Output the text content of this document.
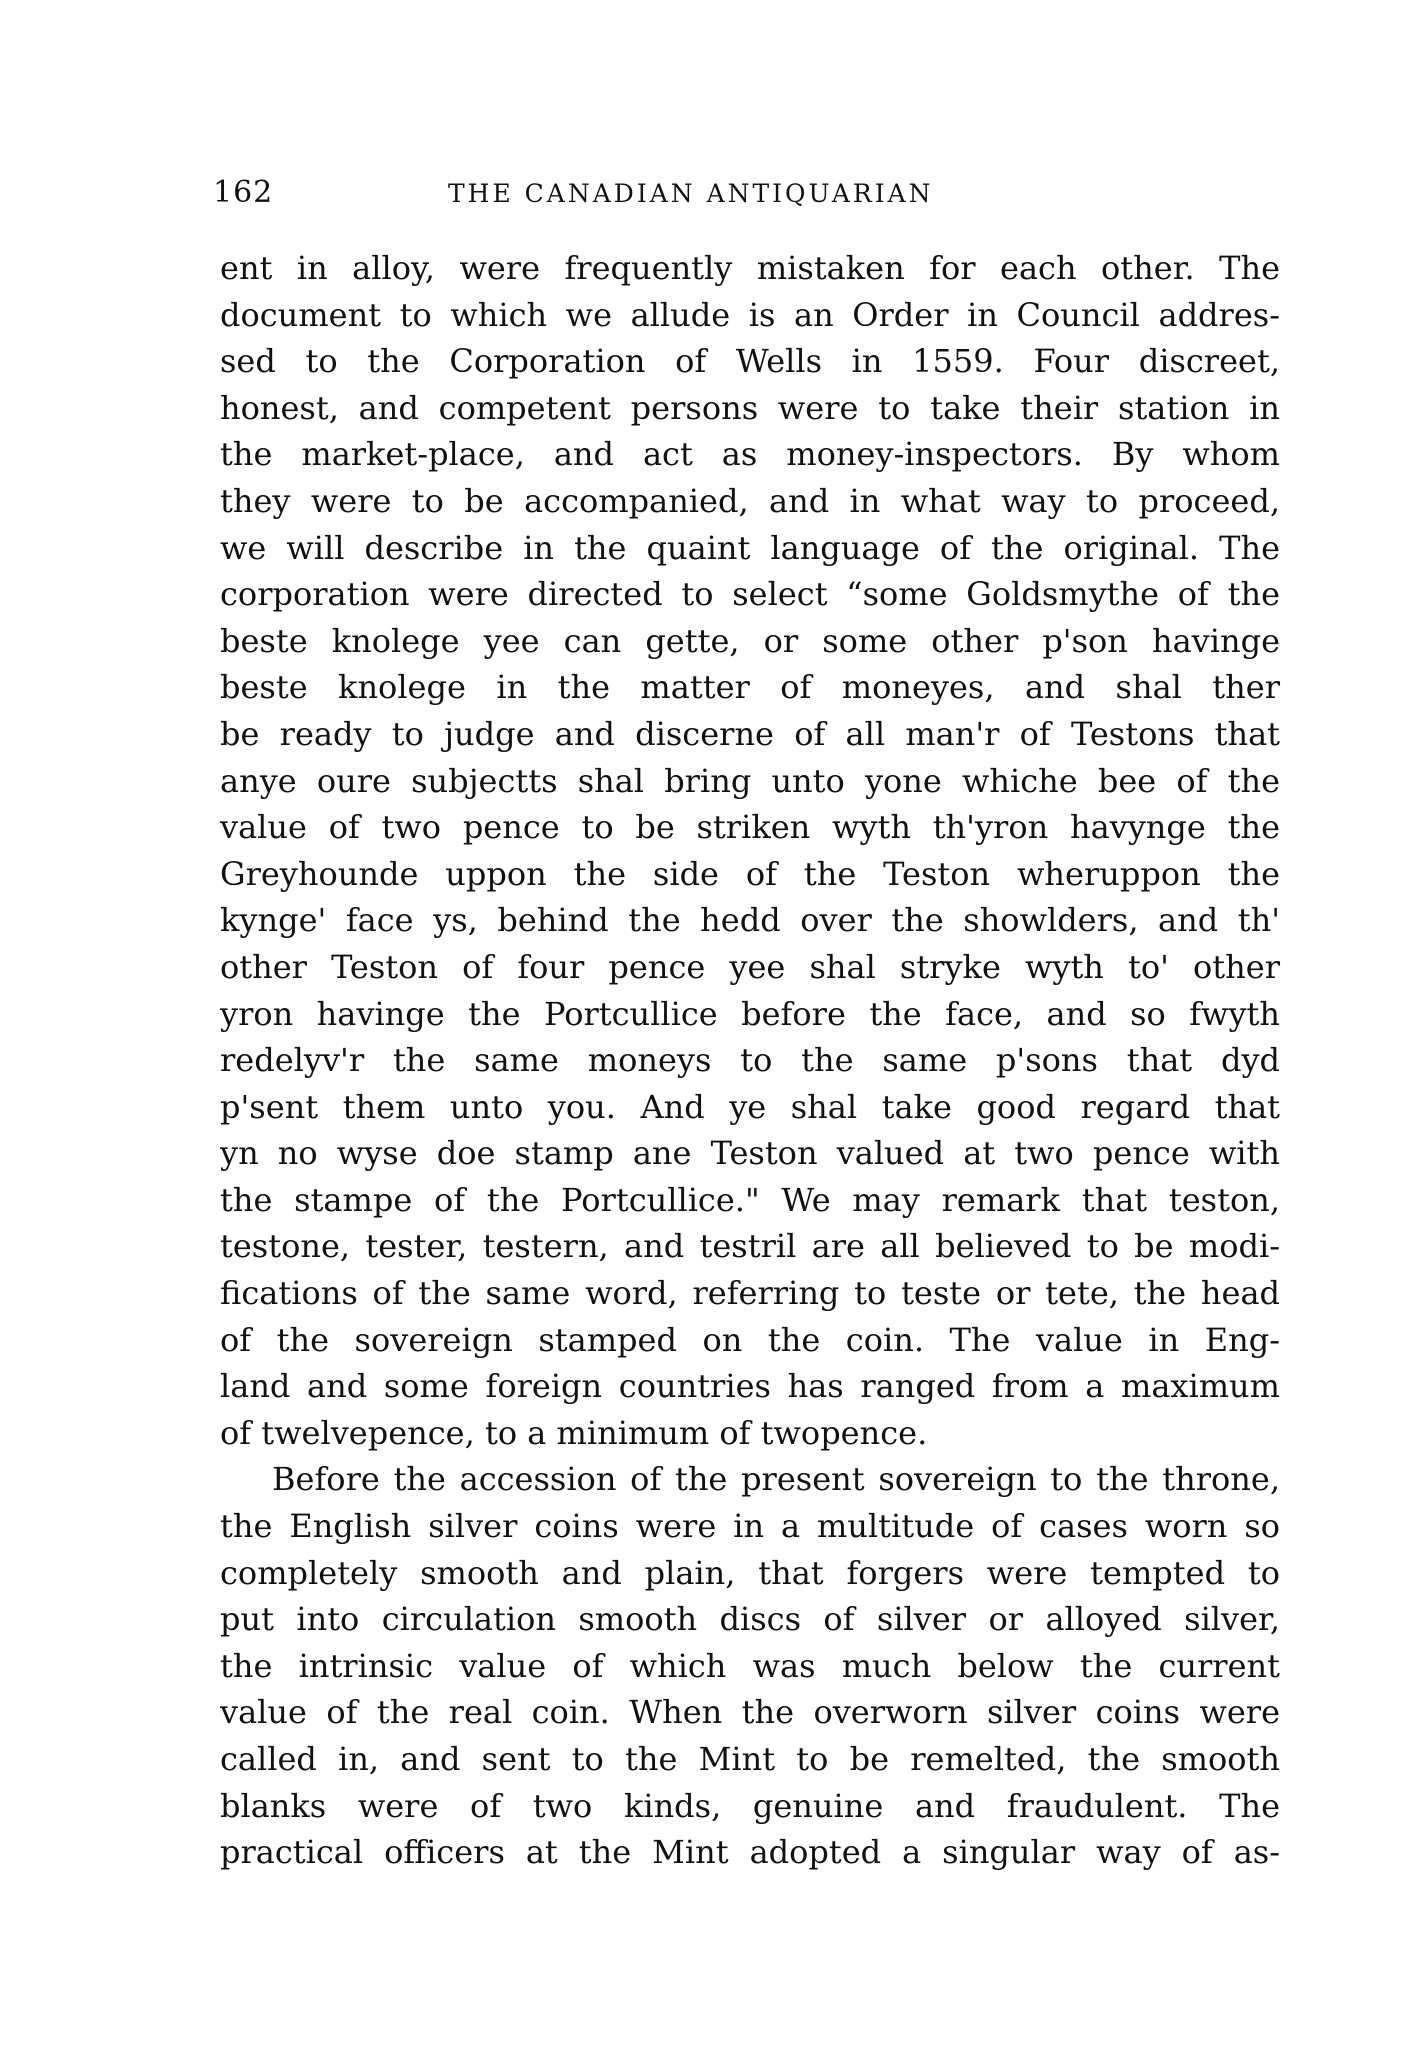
162	THE CANADIAN ANTIQUARIAN
ent in alloy, were frequently mistaken for each other. The
document to which we allude is an Order in Council addres-
sed to the Corporation of Wells in 1559. Four discreet,
honest, and competent persons were to take their station in
the market-place, and act as money-inspectors. By whom
they were to be accompanied, and in what way to proceed,
we will describe in the quaint language of the original. The
corporation were directed to select “some Goldsmythe of the
beste knolege yee can gette, or some other p'son havinge
beste knolege in the matter of moneyes, and shal ther
be ready to judge and discerne of all man'r of Testons that
anye oure subjectts shal bring unto yone whiche bee of the
value of two pence to be striken wyth th'yron havynge the
Greyhounde uppon the side of the Teston wheruppon the
kynge' face ys, behind the hedd over the showlders, and th'
other Teston of four pence yee shal stryke wyth to' other
yron havinge the Portcullice before the face, and so fwyth
redelyv'r the same moneys to the same p'sons that dyd
p'sent them unto you. And ye shal take good regard that
yn no wyse doe stamp ane Teston valued at two pence with
the stampe of the Portcullice." We may remark that teston,
testone, tester, testern, and testril are all believed to be modi-
fications of the same word, referring to teste or tete, the head
of the sovereign stamped on the coin. The value in Eng-
land and some foreign countries has ranged from a maximum
of twelvepence, to a minimum of twopence.
Before the accession of the present sovereign to the throne,
the English silver coins were in a multitude of cases worn so
completely smooth and plain, that forgers were tempted to
put into circulation smooth discs of silver or alloyed silver,
the intrinsic value of which was much below the current
value of the real coin. When the overworn silver coins were
called in, and sent to the Mint to be remelted, the smooth
blanks were of two kinds, genuine and fraudulent. The
practical officers at the Mint adopted a singular way of as-
